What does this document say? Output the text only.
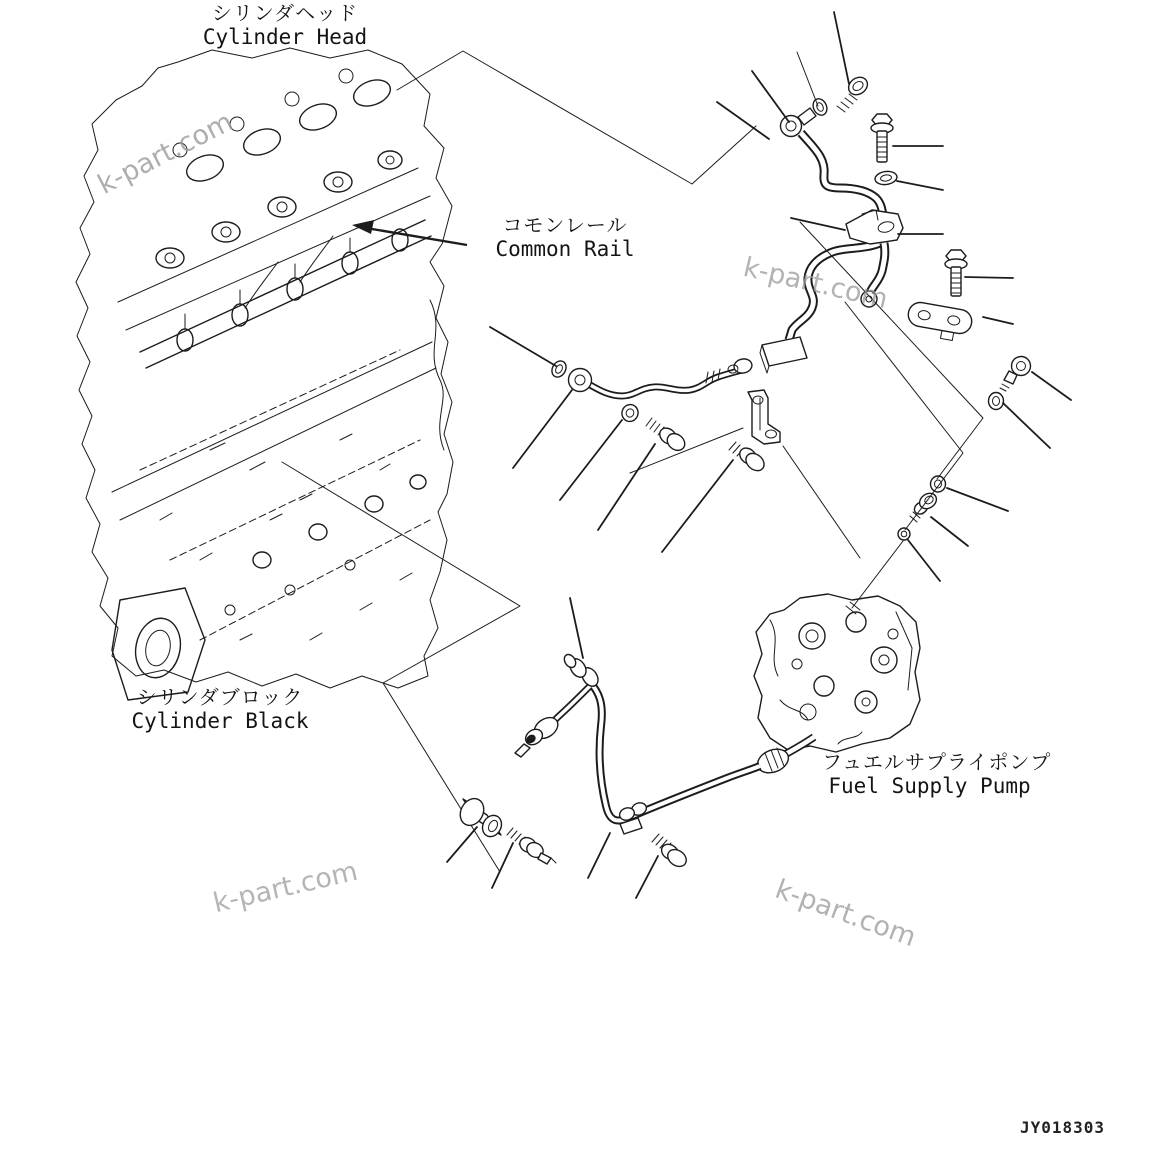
シリンダヘッド
Cylinder Head
コモンレール
Common Rail
シリンダブロック
Cylinder Black
フュエルサプライポンプ
Fuel Supply Pump
k-part.com
k-part.com
k-part.com	k-part.com
JY018303
